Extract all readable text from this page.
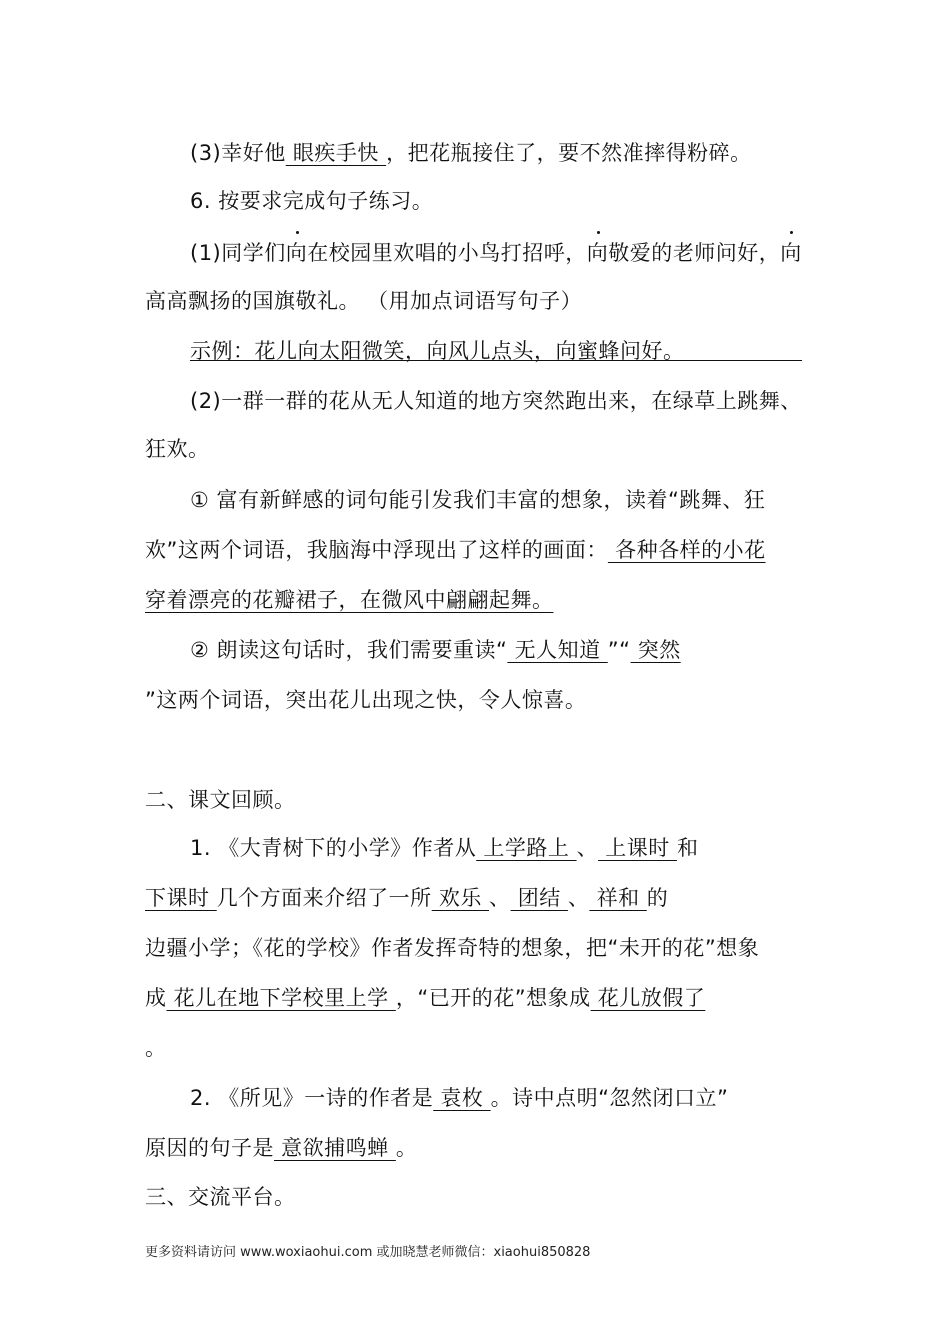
(3)幸好他 眼疾手快 ，把花瓶接住了，要不然准摔得粉碎。
6. 按要求完成句子练习。
(1)同学们向在校园里欢唱的小鸟打招呼，向敬爱的老师问好，向
高高飘扬的国旗敬礼。 （用加点词语写句子）
示例：花儿向太阳微笑，向风儿点头，向蜜蜂问好。
(2)一群一群的花从无人知道的地方突然跑出来，在绿草上跳舞、
狂欢。
① 富有新鲜感的词句能引发我们丰富的想象，读着“跳舞、狂
欢”这两个词语，我脑海中浮现出了这样的画面： 各种各样的小花
穿着漂亮的花瓣裙子，在微风中翩翩起舞。
② 朗读这句话时，我们需要重读“ 无人知道 ”“ 突然
”这两个词语，突出花儿出现之快，令人惊喜。
二、课文回顾。
1. 《大青树下的小学》作者从 上学路上 、 上课时 和
下课时 几个方面来介绍了一所 欢乐 、 团结 、 祥和 的
边疆小学；《花的学校》作者发挥奇特的想象，把“未开的花”想象
成 花儿在地下学校里上学 ，“已开的花”想象成 花儿放假了
。
2. 《所见》一诗的作者是 袁枚 。诗中点明“忽然闭口立”
原因的句子是 意欲捕鸣蝉 。
三、交流平台。
更多资料请访问 www.woxiaohui.com 或加晓慧老师微信：xiaohui850828
